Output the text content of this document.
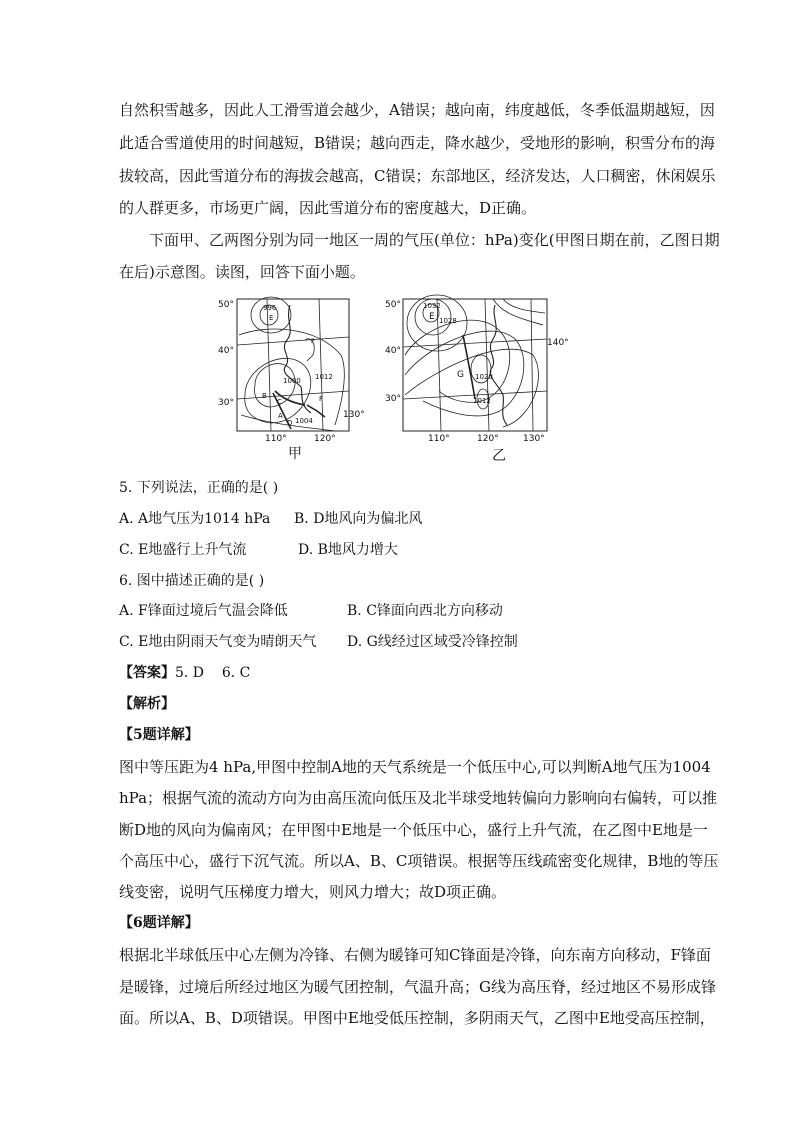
自然积雪越多，因此人工滑雪道会越少，A错误；越向南，纬度越低，冬季低温期越短，因
此适合雪道使用的时间越短，B错误；越向西走，降水越少，受地形的影响，积雪分布的海
拔较高，因此雪道分布的海拔会越高，C错误；东部地区，经济发达，人口稠密，休闲娱乐
的人群更多，市场更广阔，因此雪道分布的密度越大，D正确。
下面甲、乙两图分别为同一地区一周的气压(单位：hPa)变化(甲图日期在前，乙图日期
在后)示意图。读图，回答下面小题。
996
1000
1004
1012
E
B
C
A
D
F
P
50°
40°
30°
110°	120°
130°
甲
1032
1028
1020
1012
E
G
50°
40°
30°
110°	120°	130°
140°
乙
5. 下列说法，正确的是( )
A. A地气压为1014 hPa B. D地风向为偏北风
C. E地盛行上升气流	D. B地风力增大
6. 图中描述正确的是( )
A. F锋面过境后气温会降低	B. C锋面向西北方向移动
C. E地由阴雨天气变为晴朗天气 D. G线经过区域受冷锋控制
【答案】5. D    6. C
【解析】
【5题详解】
图中等压距为4 hPa,甲图中控制A地的天气系统是一个低压中心,可以判断A地气压为1004
hPa；根据气流的流动方向为由高压流向低压及北半球受地转偏向力影响向右偏转，可以推
断D地的风向为偏南风；在甲图中E地是一个低压中心，盛行上升气流，在乙图中E地是一
个高压中心，盛行下沉气流。所以A、B、C项错误。根据等压线疏密变化规律，B地的等压
线变密，说明气压梯度力增大，则风力增大；故D项正确。
【6题详解】
根据北半球低压中心左侧为冷锋、右侧为暖锋可知C锋面是冷锋，向东南方向移动，F锋面
是暖锋，过境后所经过地区为暖气团控制，气温升高；G线为高压脊，经过地区不易形成锋
面。所以A、B、D项错误。甲图中E地受低压控制，多阴雨天气，乙图中E地受高压控制，
